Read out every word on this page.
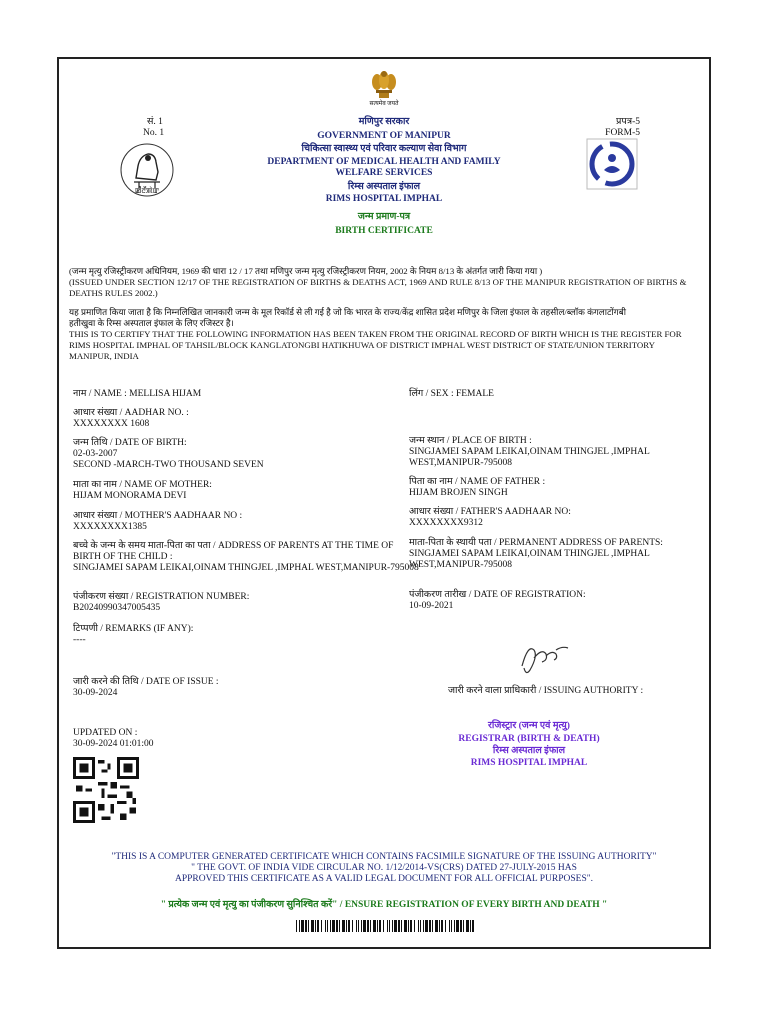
सत्यमेव जयते
सं. 1
No. 1
ꯀꯪꯂꯩꯄꯥꯛ
प्रपत्र-5
FORM-5
मणिपुर सरकार
GOVERNMENT OF MANIPUR
चिकित्सा स्वास्थ्य एवं परिवार कल्याण सेवा विभाग
DEPARTMENT OF MEDICAL HEALTH AND FAMILY
WELFARE SERVICES
रिम्स अस्पताल इंफाल
RIMS HOSPITAL IMPHAL
जन्म प्रमाण-पत्र
BIRTH CERTIFICATE
(जन्म मृत्यु रजिस्ट्रीकरण अधिनियम, 1969 की धारा 12 / 17 तथा मणिपुर जन्म मृत्यु रजिस्ट्रीकरण नियम, 2002 के नियम 8/13 के अंतर्गत जारी किया गया )
(ISSUED UNDER SECTION 12/17 OF THE REGISTRATION OF BIRTHS & DEATHS ACT, 1969 AND RULE 8/13 OF THE MANIPUR REGISTRATION OF BIRTHS &
DEATHS RULES 2002.)
यह प्रमाणित किया जाता है कि निम्नलिखित जानकारी जन्म के मूल रिकॉर्ड से ली गई है जो कि भारत के राज्य/केंद्र शासित प्रदेश मणिपुर के जिला इंफाल के तहसील/ब्लॉक कंगलाटोंगबी
हतीखुवा के रिम्स अस्पताल इंफाल के लिए रजिस्टर है।
THIS IS TO CERTIFY THAT THE FOLLOWING INFORMATION HAS BEEN TAKEN FROM THE ORIGINAL RECORD OF BIRTH WHICH IS THE REGISTER FOR
RIMS HOSPITAL IMPHAL OF TAHSIL/BLOCK KANGLATONGBI HATIKHUWA OF DISTRICT IMPHAL WEST DISTRICT OF STATE/UNION TERRITORY
MANIPUR, INDIA
नाम / NAME : MELLISA HIJAM
आधार संख्या / AADHAR NO. :
XXXXXXXX 1608
जन्म तिथि / DATE OF BIRTH:
02-03-2007
SECOND -MARCH-TWO THOUSAND SEVEN
माता का नाम / NAME OF MOTHER:
HIJAM MONORAMA DEVI
आधार संख्या / MOTHER'S AADHAAR NO :
XXXXXXXX1385
बच्चे के जन्म के समय माता-पिता का पता / ADDRESS OF PARENTS AT THE TIME OF
BIRTH OF THE CHILD :
SINGJAMEI SAPAM LEIKAI,OINAM THINGJEL ,IMPHAL WEST,MANIPUR-795008
पंजीकरण संख्या / REGISTRATION NUMBER:
B20240990347005435
टिप्पणी / REMARKS (IF ANY):
----
जारी करने की तिथि / DATE OF ISSUE :
30-09-2024
UPDATED ON :
30-09-2024 01:01:00
लिंग / SEX : FEMALE
जन्म स्थान / PLACE OF BIRTH :
SINGJAMEI SAPAM LEIKAI,OINAM THINGJEL ,IMPHAL
WEST,MANIPUR-795008
पिता का नाम / NAME OF FATHER :
HIJAM BROJEN SINGH
आधार संख्या / FATHER'S AADHAAR NO:
XXXXXXXX9312
माता-पिता के स्थायी पता / PERMANENT ADDRESS OF PARENTS:
SINGJAMEI SAPAM LEIKAI,OINAM THINGJEL ,IMPHAL
WEST,MANIPUR-795008
पंजीकरण तारीख / DATE OF REGISTRATION:
10-09-2021
जारी करने वाला प्राधिकारी / ISSUING AUTHORITY :
रजिस्ट्रार (जन्म एवं मृत्यु)
REGISTRAR (BIRTH & DEATH)
रिम्स अस्पताल इंफाल
RIMS HOSPITAL IMPHAL
"THIS IS A COMPUTER GENERATED CERTIFICATE WHICH CONTAINS FACSIMILE SIGNATURE OF THE ISSUING AUTHORITY"
" THE GOVT. OF INDIA VIDE CIRCULAR NO. 1/12/2014-VS(CRS) DATED 27-JULY-2015 HAS
APPROVED THIS CERTIFICATE AS A VALID LEGAL DOCUMENT FOR ALL OFFICIAL PURPOSES".
" प्रत्येक जन्म एवं मृत्यु का पंजीकरण सुनिश्चित करें" / ENSURE REGISTRATION OF EVERY BIRTH AND DEATH "
